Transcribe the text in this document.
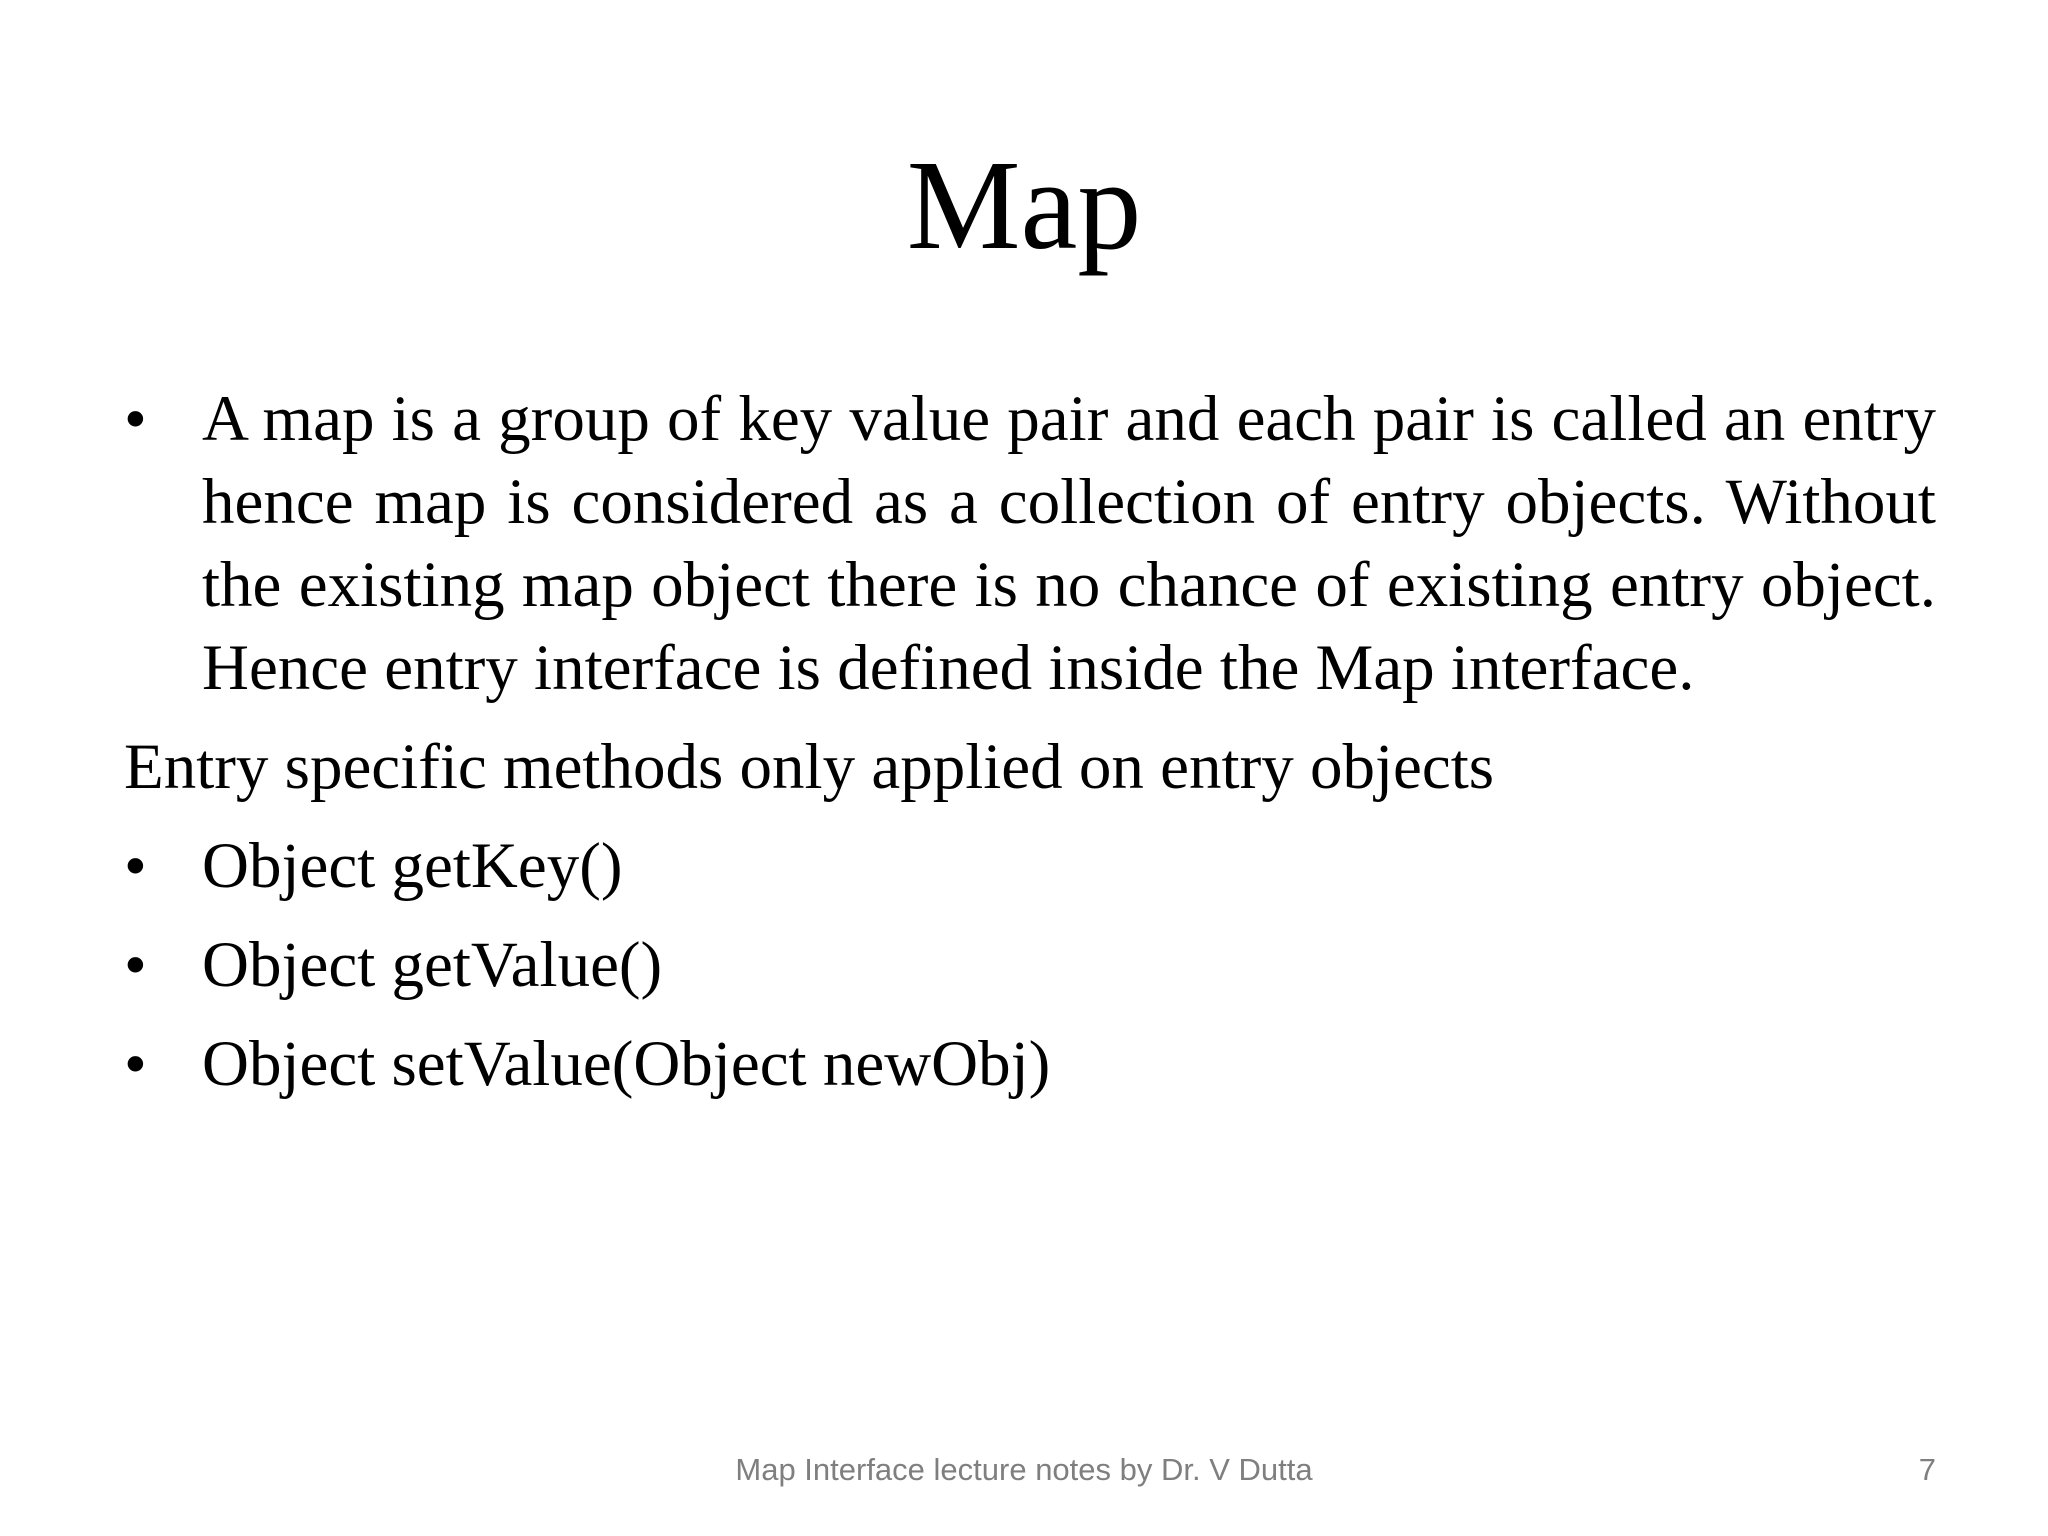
Map
• A map is a group of key value pair and each pair is called an entry hence map is considered as a collection of entry objects. Without the existing map object there is no chance of existing entry object. Hence entry interface is defined inside the Map interface.
Entry specific methods only applied on entry objects
• Object getKey()
• Object getValue()
• Object setValue(Object newObj)
Map Interface lecture notes by Dr. V Dutta	7
